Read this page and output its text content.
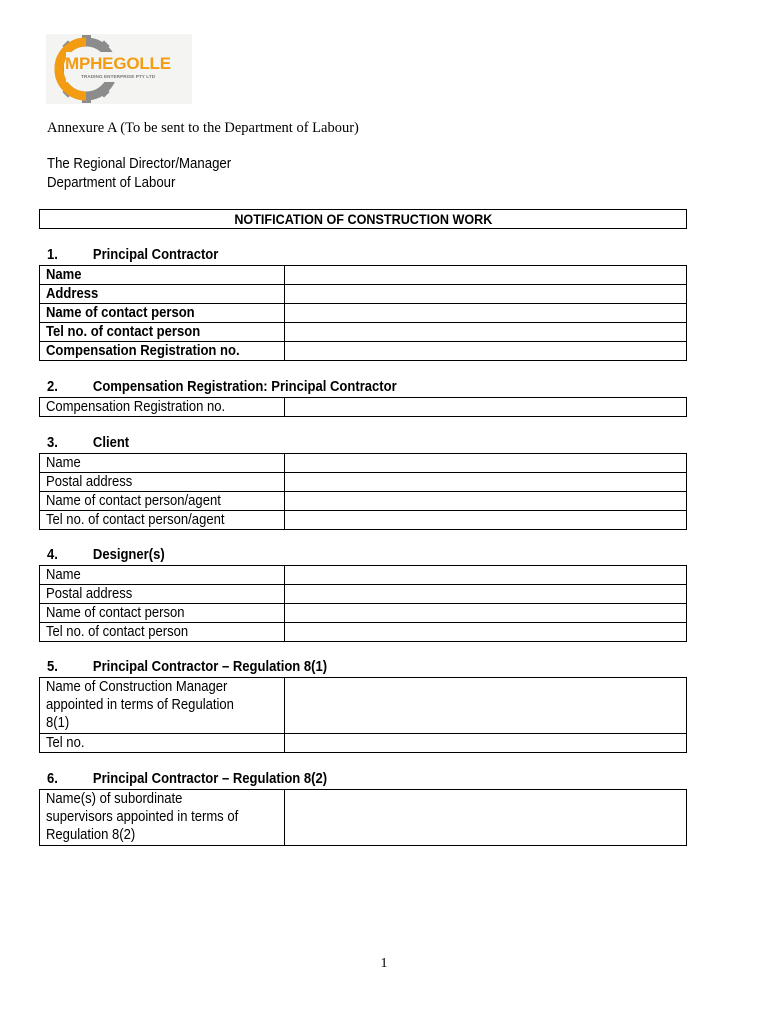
MPHEGOLLE
TRADING ENTERPRISE PTY LTD
Annexure A (To be sent to the Department of Labour)
The Regional Director/Manager
Department of Labour
NOTIFICATION OF CONSTRUCTION WORK
1. Principal Contractor
Name	
Address	
Name of contact person	
Tel no. of contact person	
Compensation Registration no.	
2. Compensation Registration: Principal Contractor
Compensation Registration no.	
3. Client
Name	
Postal address	
Name of contact person/agent	
Tel no. of contact person/agent	
4. Designer(s)
Name	
Postal address	
Name of contact person	
Tel no. of contact person	
5. Principal Contractor – Regulation 8(1)
Name of Construction Manager
appointed in terms of Regulation
8(1)	
Tel no.	
6. Principal Contractor – Regulation 8(2)
Name(s) of subordinate
supervisors appointed in terms of
Regulation 8(2)	
1
